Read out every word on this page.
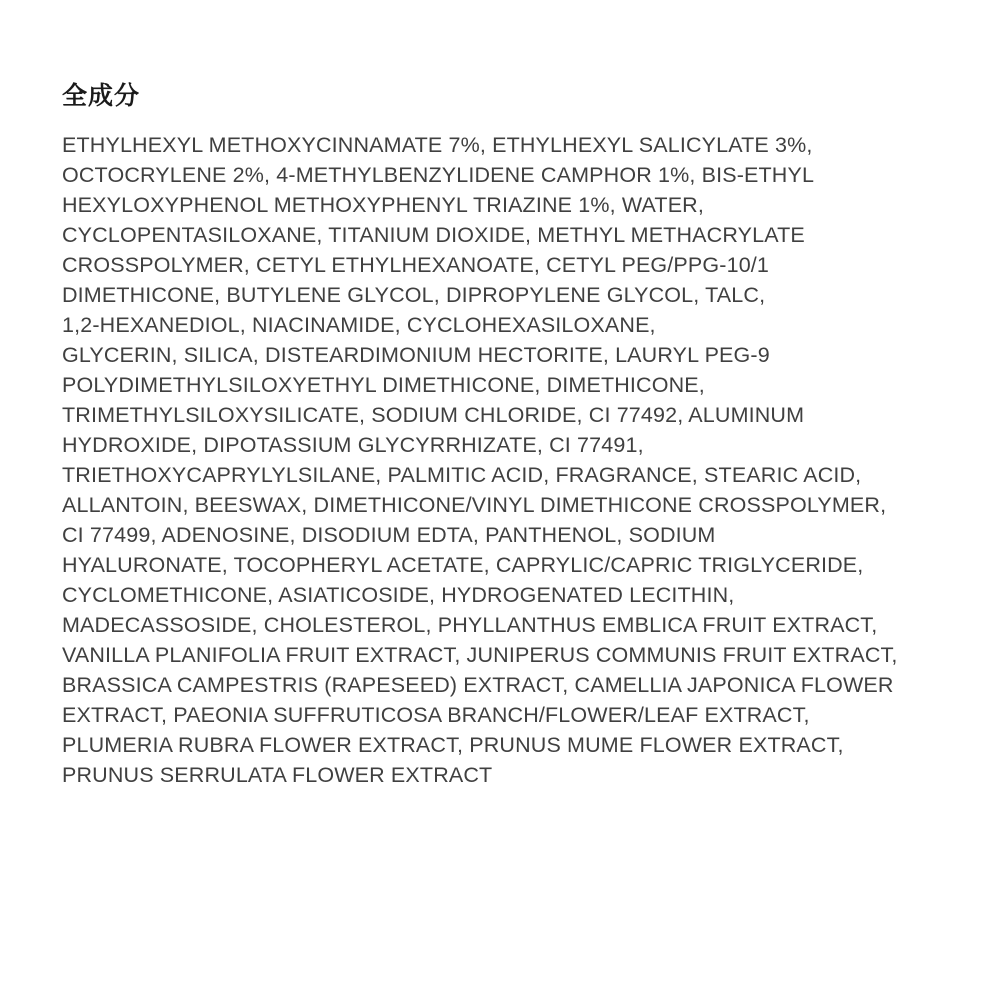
全成分
ETHYLHEXYL METHOXYCINNAMATE 7%, ETHYLHEXYL SALICYLATE 3%,
OCTOCRYLENE 2%, 4-METHYLBENZYLIDENE CAMPHOR 1%, BIS-ETHYL
HEXYLOXYPHENOL METHOXYPHENYL TRIAZINE 1%, WATER,
CYCLOPENTASILOXANE, TITANIUM DIOXIDE, METHYL METHACRYLATE
CROSSPOLYMER, CETYL ETHYLHEXANOATE, CETYL PEG/PPG-10/1
DIMETHICONE, BUTYLENE GLYCOL, DIPROPYLENE GLYCOL, TALC,
1,2-HEXANEDIOL, NIACINAMIDE, CYCLOHEXASILOXANE,
GLYCERIN, SILICA, DISTEARDIMONIUM HECTORITE, LAURYL PEG-9
POLYDIMETHYLSILOXYETHYL DIMETHICONE, DIMETHICONE,
TRIMETHYLSILOXYSILICATE, SODIUM CHLORIDE, CI 77492, ALUMINUM
HYDROXIDE, DIPOTASSIUM GLYCYRRHIZATE, CI 77491,
TRIETHOXYCAPRYLYLSILANE, PALMITIC ACID, FRAGRANCE, STEARIC ACID,
ALLANTOIN, BEESWAX, DIMETHICONE/VINYL DIMETHICONE CROSSPOLYMER,
CI 77499, ADENOSINE, DISODIUM EDTA, PANTHENOL, SODIUM
HYALURONATE, TOCOPHERYL ACETATE, CAPRYLIC/CAPRIC TRIGLYCERIDE,
CYCLOMETHICONE, ASIATICOSIDE, HYDROGENATED LECITHIN,
MADECASSOSIDE, CHOLESTEROL, PHYLLANTHUS EMBLICA FRUIT EXTRACT,
VANILLA PLANIFOLIA FRUIT EXTRACT, JUNIPERUS COMMUNIS FRUIT EXTRACT,
BRASSICA CAMPESTRIS (RAPESEED) EXTRACT, CAMELLIA JAPONICA FLOWER
EXTRACT, PAEONIA SUFFRUTICOSA BRANCH/FLOWER/LEAF EXTRACT,
PLUMERIA RUBRA FLOWER EXTRACT, PRUNUS MUME FLOWER EXTRACT,
PRUNUS SERRULATA FLOWER EXTRACT
